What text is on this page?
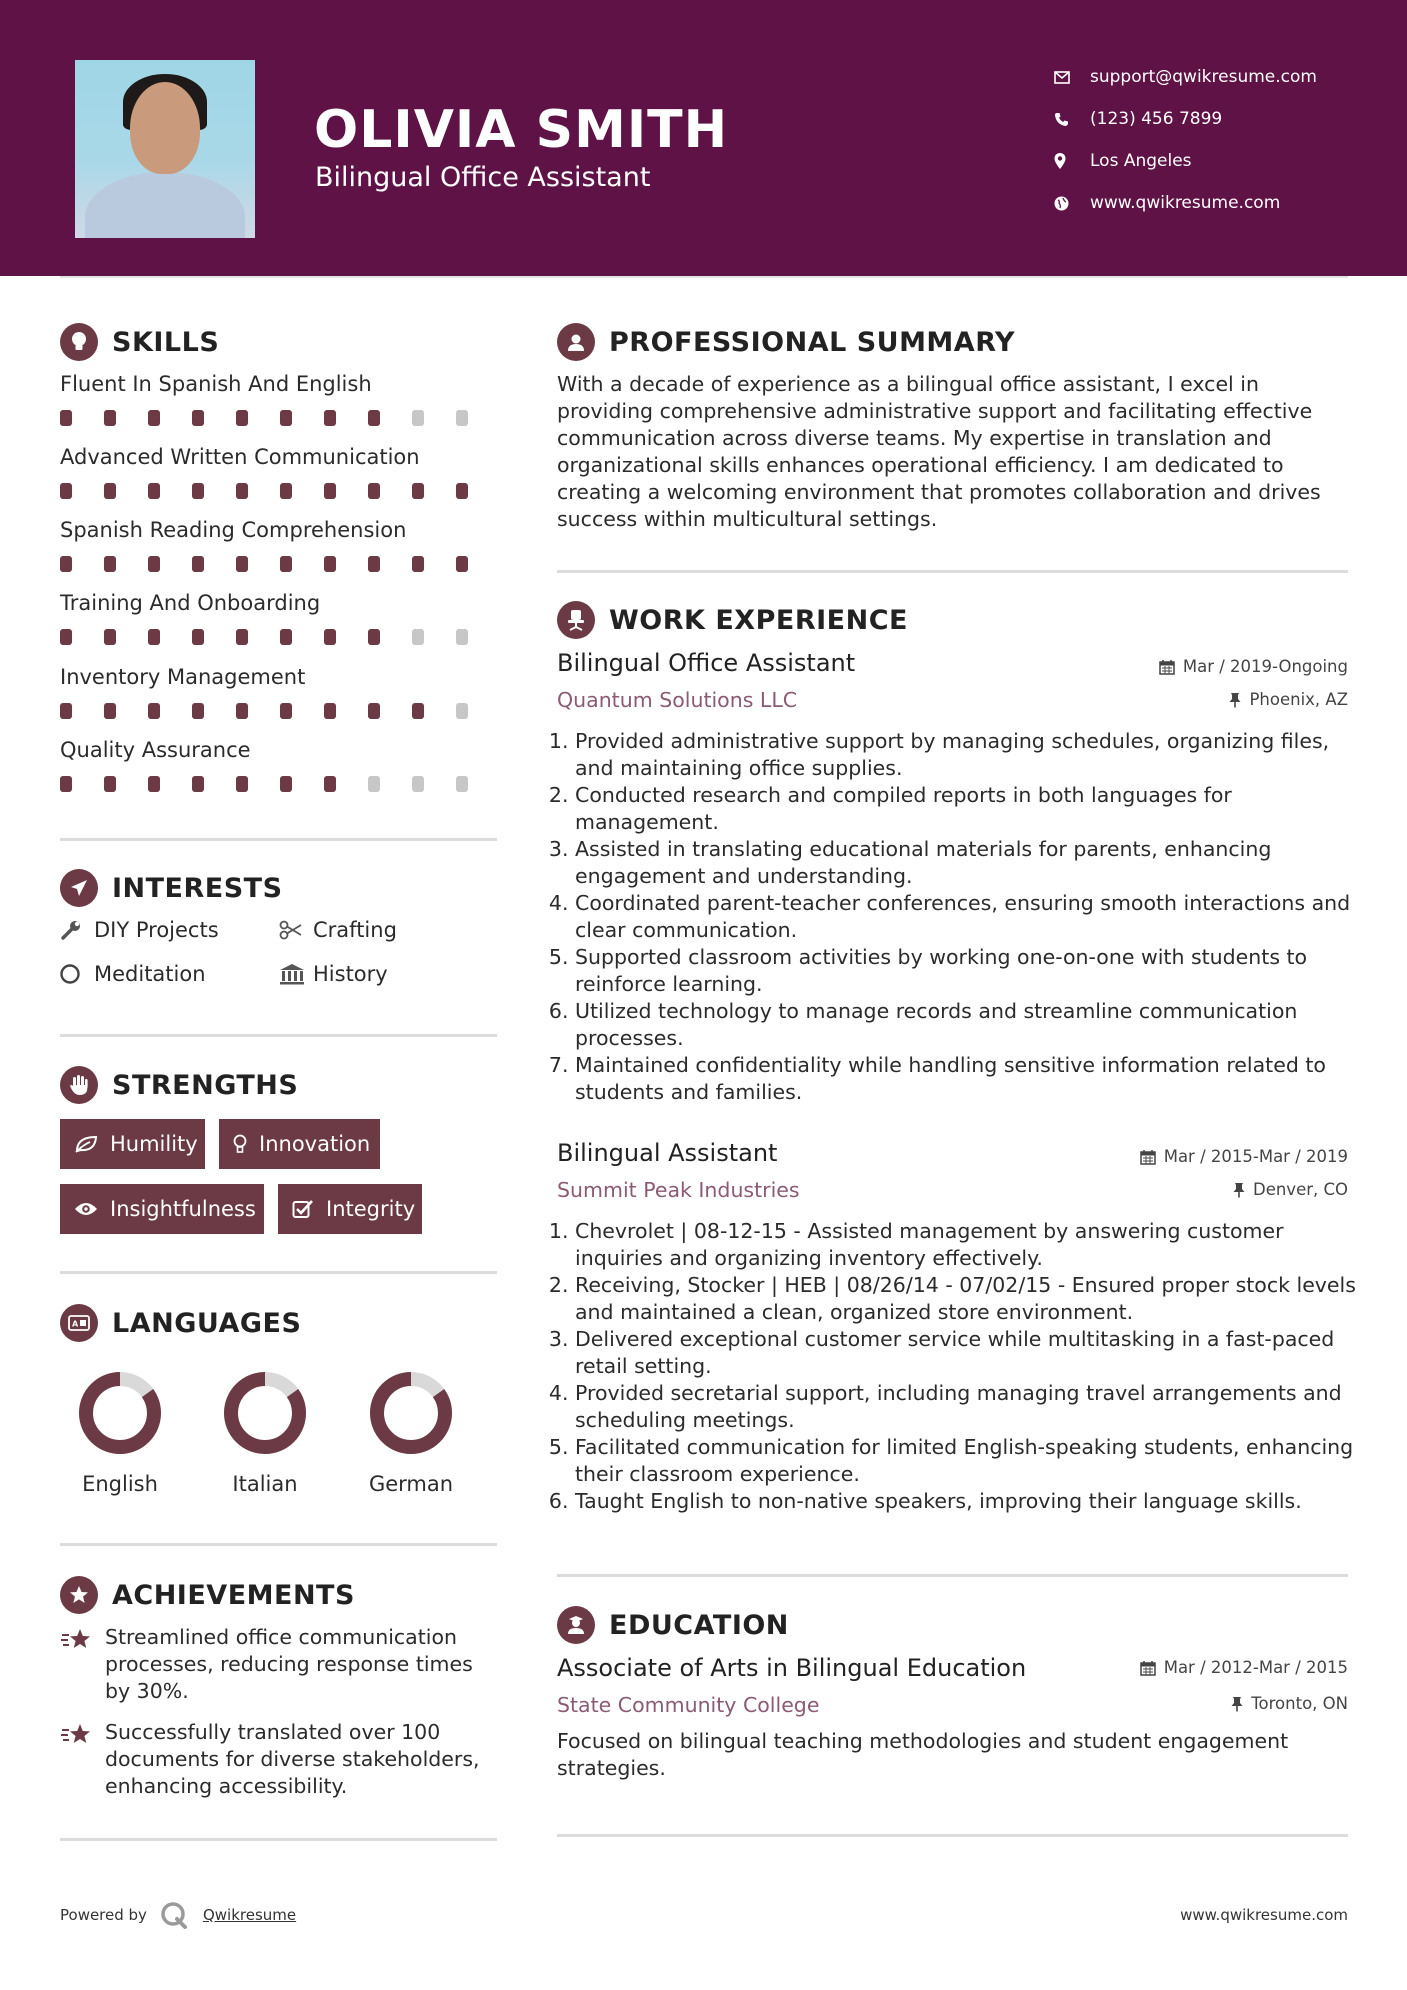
OLIVIA SMITH
Bilingual Office Assistant
support@qwikresume.com
(123) 456 7899
Los Angeles
www.qwikresume.com
SKILLS
Fluent In Spanish And English
Advanced Written Communication
Spanish Reading Comprehension
Training And Onboarding
Inventory Management
Quality Assurance
INTERESTS
DIY Projects	Crafting
Meditation	History
STRENGTHS
Humility	Innovation
Insightfulness	Integrity
A LANGUAGES
English	Italian	German
ACHIEVEMENTS
Streamlined office communication processes, reducing response times by 30%.
Successfully translated over 100 documents for diverse stakeholders, enhancing accessibility.
PROFESSIONAL SUMMARY
With a decade of experience as a bilingual office assistant, I excel in providing comprehensive administrative support and facilitating effective communication across diverse teams. My expertise in translation and organizational skills enhances operational efficiency. I am dedicated to creating a welcoming environment that promotes collaboration and drives success within multicultural settings.
WORK EXPERIENCE
Bilingual Office Assistant	Mar / 2019-Ongoing
Quantum Solutions LLC	Phoenix, AZ
1. Provided administrative support by managing schedules, organizing files, and maintaining office supplies.
2. Conducted research and compiled reports in both languages for management.
3. Assisted in translating educational materials for parents, enhancing engagement and understanding.
4. Coordinated parent-teacher conferences, ensuring smooth interactions and clear communication.
5. Supported classroom activities by working one-on-one with students to reinforce learning.
6. Utilized technology to manage records and streamline communication processes.
7. Maintained confidentiality while handling sensitive information related to students and families.
Bilingual Assistant	Mar / 2015-Mar / 2019
Summit Peak Industries	Denver, CO
1. Chevrolet | 08-12-15 - Assisted management by answering customer inquiries and organizing inventory effectively.
2. Receiving, Stocker | HEB | 08/26/14 - 07/02/15 - Ensured proper stock levels and maintained a clean, organized store environment.
3. Delivered exceptional customer service while multitasking in a fast-paced retail setting.
4. Provided secretarial support, including managing travel arrangements and scheduling meetings.
5. Facilitated communication for limited English-speaking students, enhancing their classroom experience.
6. Taught English to non-native speakers, improving their language skills.
EDUCATION
Associate of Arts in Bilingual Education	Mar / 2012-Mar / 2015
State Community College	Toronto, ON
Focused on bilingual teaching methodologies and student engagement strategies.
Powered by	Qwikresume	www.qwikresume.com
